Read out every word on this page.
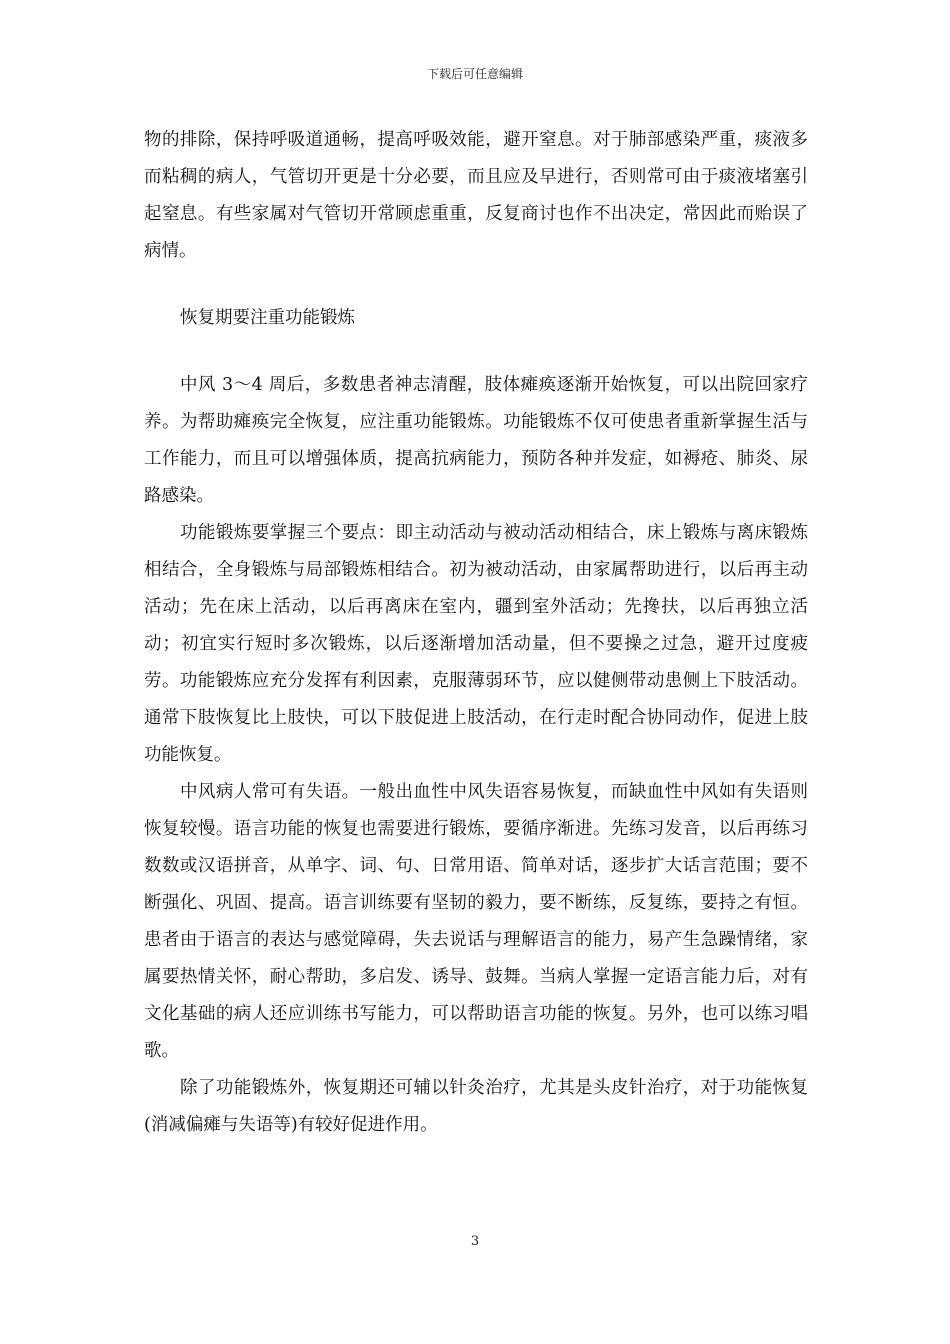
下载后可任意编辑

物的排除，保持呼吸道通畅，提高呼吸效能，避开窒息。对于肺部感染严重，痰液多而粘稠的病人，气管切开更是十分必要，而且应及早进行，否则常可由于痰液堵塞引起窒息。有些家属对气管切开常顾虑重重，反复商讨也作不出决定，常因此而贻误了病情。

恢复期要注重功能锻炼

中风 3～4 周后，多数患者神志清醒，肢体瘫痪逐渐开始恢复，可以出院回家疗养。为帮助瘫痪完全恢复，应注重功能锻炼。功能锻炼不仅可使患者重新掌握生活与工作能力，而且可以增强体质，提高抗病能力，预防各种并发症，如褥疮、肺炎、尿路感染。

功能锻炼要掌握三个要点：即主动活动与被动活动相结合，床上锻炼与离床锻炼相结合，全身锻炼与局部锻炼相结合。初为被动活动，由家属帮助进行，以后再主动活动；先在床上活动，以后再离床在室内，疆到室外活动；先搀扶，以后再独立活动；初宜实行短时多次锻炼，以后逐渐增加活动量，但不要操之过急，避开过度疲劳。功能锻炼应充分发挥有利因素，克服薄弱环节，应以健侧带动患侧上下肢活动。通常下肢恢复比上肢快，可以下肢促进上肢活动，在行走时配合协同动作，促进上肢功能恢复。

中风病人常可有失语。一般出血性中风失语容易恢复，而缺血性中风如有失语则恢复较慢。语言功能的恢复也需要进行锻炼，要循序渐进。先练习发音，以后再练习数数或汉语拼音，从单字、词、句、日常用语、简单对话，逐步扩大话言范围；要不断强化、巩固、提高。语言训练要有坚韧的毅力，要不断练，反复练，要持之有恒。患者由于语言的表达与感觉障碍，失去说话与理解语言的能力，易产生急躁情绪，家属要热情关怀，耐心帮助，多启发、诱导、鼓舞。当病人掌握一定语言能力后，对有文化基础的病人还应训练书写能力，可以帮助语言功能的恢复。另外，也可以练习唱歌。

除了功能锻炼外，恢复期还可辅以针灸治疗，尤其是头皮针治疗，对于功能恢复(消减偏瘫与失语等)有较好促进作用。

3
